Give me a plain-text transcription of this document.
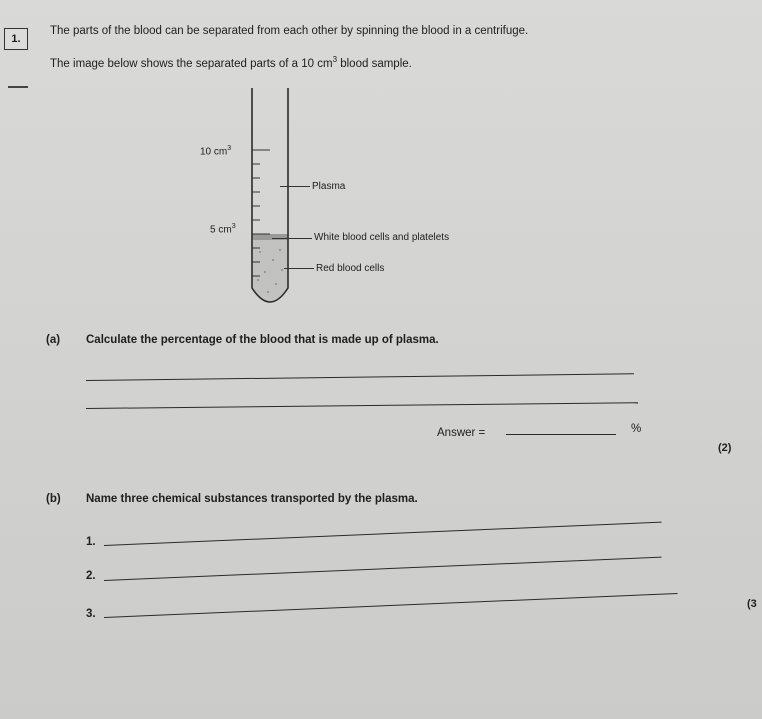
1.
The parts of the blood can be separated from each other by spinning the blood in a centrifuge.
The image below shows the separated parts of a 10 $cm^3$ blood sample.
10 $cm^3$
5 $cm^3$
Plasma
White blood cells and platelets
Red blood cells
(a) Calculate the percentage of the blood that is made up of plasma.
Answer =	%
(2)
(b) Name three chemical substances transported by the plasma.
1.
2.
3.
(3
